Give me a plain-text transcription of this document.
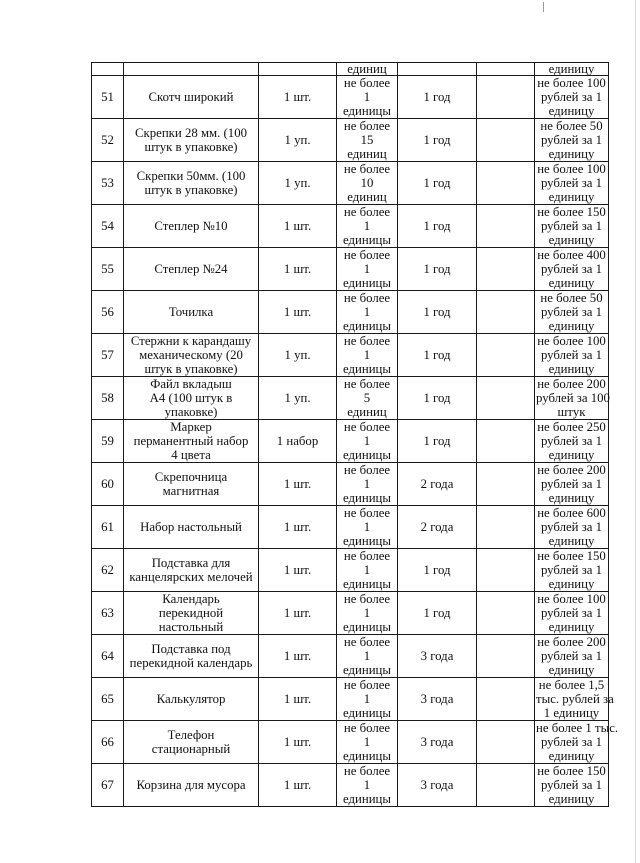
			единиц			единицу
51	Скотч широкий	1 шт.	не более
1
единицы	1 год		не более 100
рублей за 1
единицу

52	Скрепки 28 мм. (100
штук в упаковке)	1 уп.	не более
15
единиц	1 год		не более 50
рублей за 1
единицу

53	Скрепки 50мм. (100
штук в упаковке)	1 уп.	не более
10
единиц	1 год		не более 100
рублей за 1
единицу

54	Степлер №10	1 шт.	не более
1
единицы	1 год		не более 150
рублей за 1
единицу

55	Степлер №24	1 шт.	не более
1
единицы	1 год		не более 400
рублей за 1
единицу

56	Точилка	1 шт.	не более
1
единицы	1 год		не более 50
рублей за 1
единицу

57	Стержни к карандашу
механическому (20
штук в упаковке)	1 уп.	не более
1
единицы	1 год		не более 100
рублей за 1
единицу

58	Файл вкладыш
А4 (100 штук в
упаковке)	1 уп.	не более
5
единиц	1 год		не более 200
рублей за 100
штук

59	Маркер
перманентный набор
4 цвета	1 набор	не более
1
единицы	1 год		не более 250
рублей за 1
единицу

60	Скрепочница
магнитная	1 шт.	не более
1
единицы	2 года		не более 200
рублей за 1
единицу

61	Набор настольный	1 шт.	не более
1
единицы	2 года		не более 600
рублей за 1
единицу

62	Подставка для
канцелярских мелочей	1 шт.	не более
1
единицы	1 год		не более 150
рублей за 1
единицу

63	Календарь
перекидной
настольный	1 шт.	не более
1
единицы	1 год		не более 100
рублей за 1
единицу

64	Подставка под
перекидной календарь	1 шт.	не более
1
единицы	3 года		не более 200
рублей за 1
единицу

65	Калькулятор	1 шт.	не более
1
единицы	3 года		не более 1,5
тыс. рублей за
1 единицу

66	Телефон
стационарный	1 шт.	не более
1
единицы	3 года		не более 1 тыс.
рублей за 1
единицу

67	Корзина для мусора	1 шт.	не более
1
единицы	3 года		не более 150
рублей за 1
единицу
